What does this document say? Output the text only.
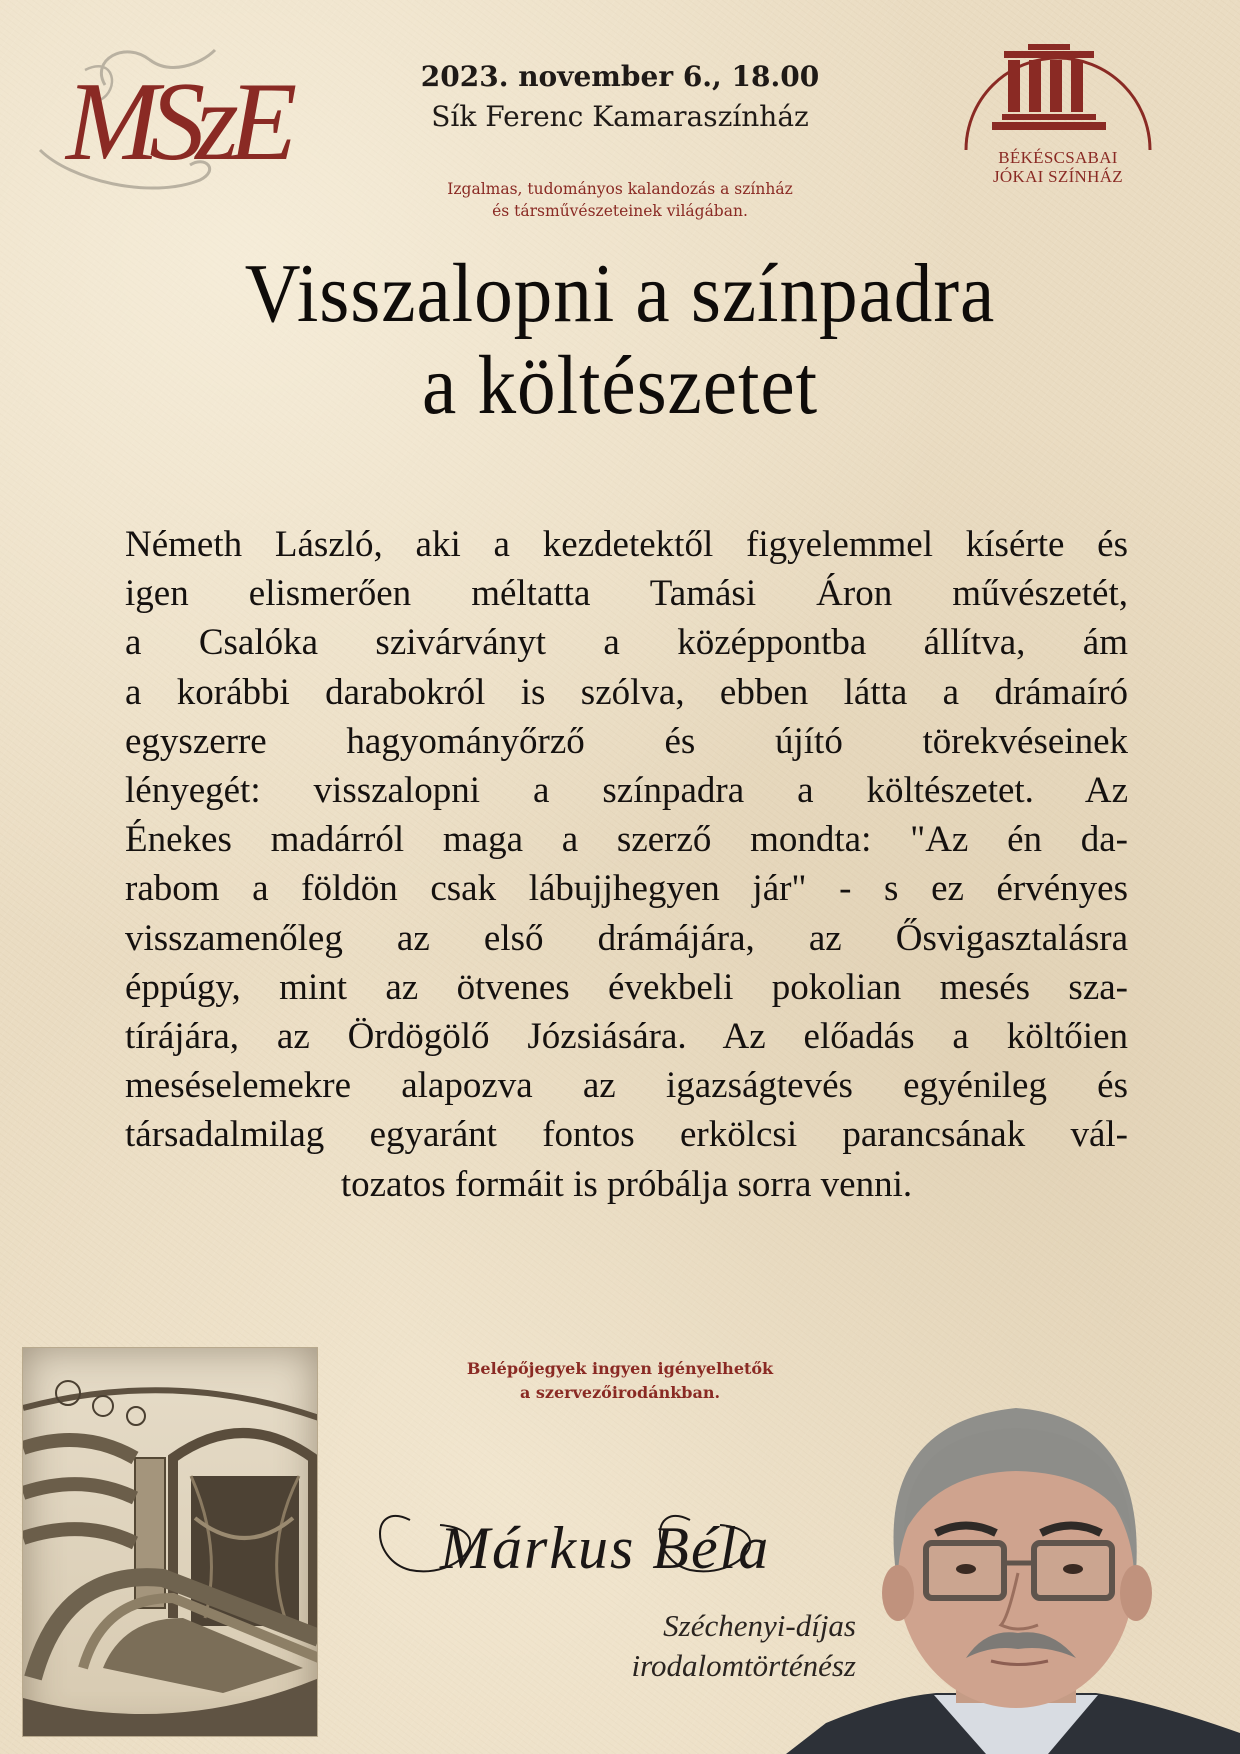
MSzE	2023. november 6., 18.00
Sík Ferenc Kamaraszínház
Izgalmas, tudományos kalandozás a színház
és társművészeteinek világában.
BÉKÉSCSABAI
JÓKAI SZÍNHÁZ
Visszalopni a színpadra
a költészetet
Németh László, aki a kezdetektől figyelemmel kísérte és
igen elismerően méltatta Tamási Áron művészetét,
a Csalóka szivárványt a középpontba állítva, ám
a korábbi darabokról is szólva, ebben látta a drámaíró
egyszerre hagyományőrző és újító törekvéseinek
lényegét: visszalopni a színpadra a költészetet. Az
Énekes madárról maga a szerző mondta: "Az én da-
rabom a földön csak lábujjhegyen jár" - s ez érvényes
visszamenőleg az első drámájára, az Ősvigasztalásra
éppúgy, mint az ötvenes évekbeli pokolian mesés sza-
tírájára, az Ördögölő Józsiására. Az előadás a költőien
meséselemekre alapozva az igazságtevés egyénileg és
társadalmilag egyaránt fontos erkölcsi parancsának vál-
tozatos formáit is próbálja sorra venni.
Belépőjegyek ingyen igényelhetők
a szervezőirodánkban.
Márkus Béla
Széchenyi-díjas
irodalomtörténész
